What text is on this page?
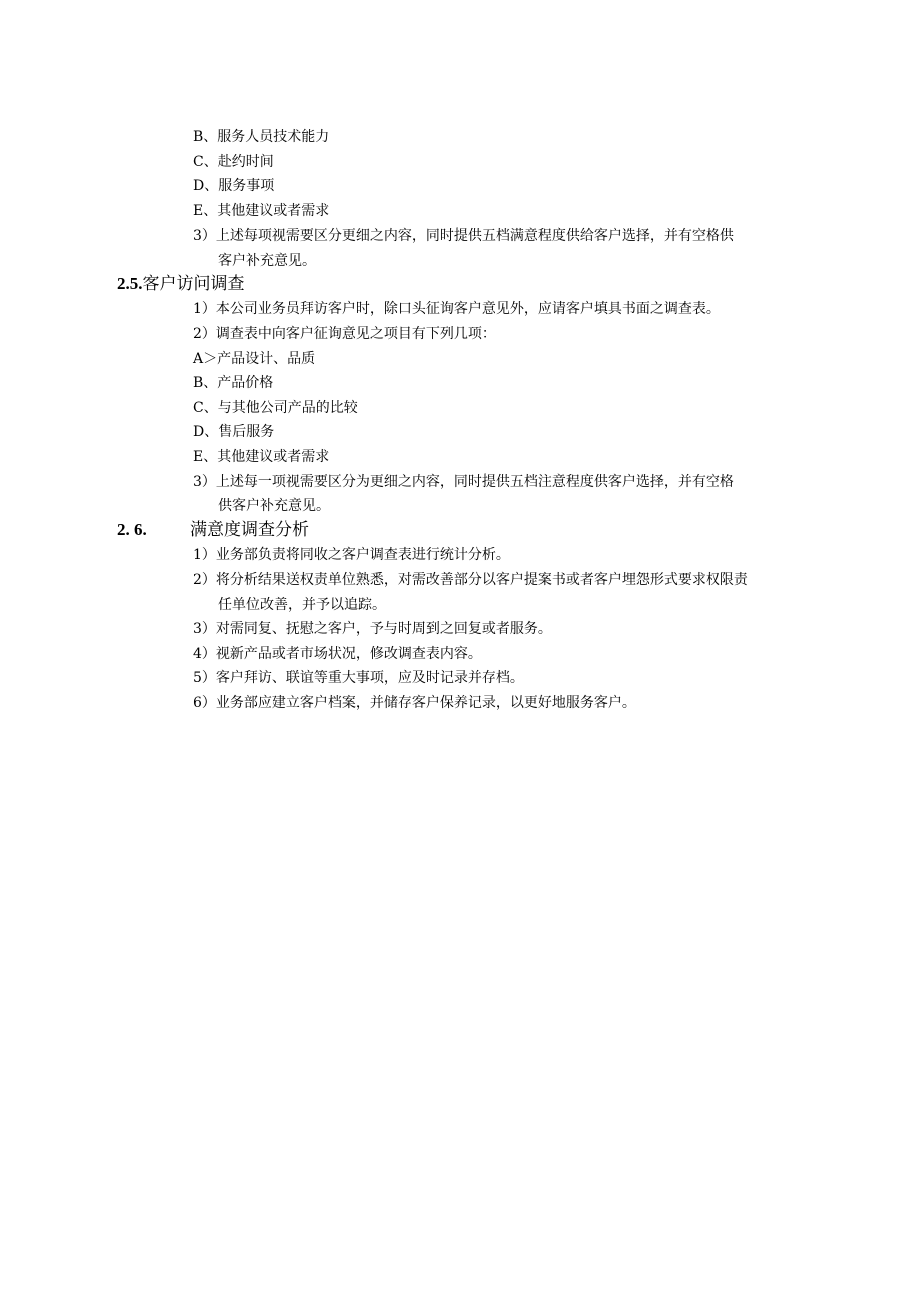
B、服务人员技术能力
C、赴约时间
D、服务事项
E、其他建议或者需求
3）上述每项视需要区分更细之内容，同时提供五档满意程度供给客户选择，并有空格供
客户补充意见。
2.5.客户访问调查
1）本公司业务员拜访客户时，除口头征询客户意见外，应请客户填具书面之调查表。
2）调查表中向客户征询意见之项目有下列几项：
A＞产品设计、品质
B、产品价格
C、与其他公司产品的比较
D、售后服务
E、其他建议或者需求
3）上述每一项视需要区分为更细之内容，同时提供五档注意程度供客户选择，并有空格
供客户补充意见。
2. 6.	满意度调查分析
1）业务部负责将同收之客户调查表进行统计分析。
2）将分析结果送权责单位熟悉，对需改善部分以客户提案书或者客户埋怨形式要求权限责
任单位改善，并予以追踪。
3）对需同复、抚慰之客户，予与时周到之回复或者服务。
4）视新产品或者市场状况，修改调查表内容。
5）客户拜访、联谊等重大事项，应及时记录并存档。
6）业务部应建立客户档案，并储存客户保养记录，以更好地服务客户。
